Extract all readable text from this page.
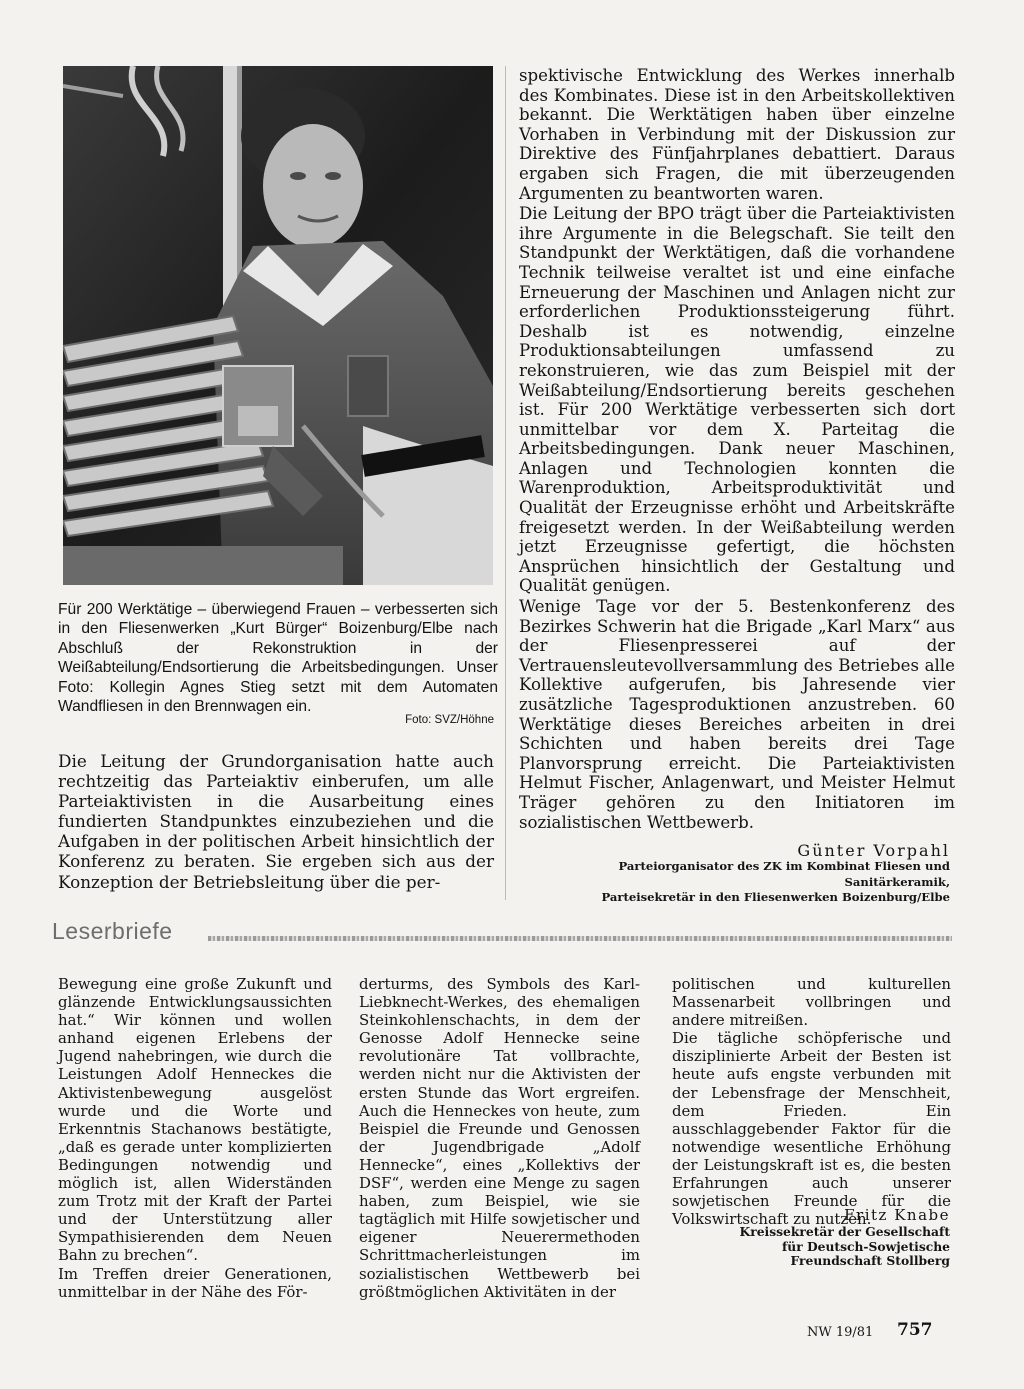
Für 200 Werktätige – überwiegend Frauen – verbesserten sich in den Fliesenwerken „Kurt Bürger“ Boizenburg/Elbe nach Abschluß der Rekonstruktion in der Weißabteilung/Endsortierung die Arbeitsbedingungen. Unser Foto: Kollegin Agnes Stieg setzt mit dem Automaten Wandfliesen in den Brennwagen ein.

Foto: SVZ/Höhne

Die Leitung der Grundorganisation hatte auch rechtzeitig das Parteiaktiv einberufen, um alle Parteiaktivisten in die Ausarbeitung eines fundierten Standpunktes einzubeziehen und die Aufgaben in der politischen Arbeit hinsichtlich der Konferenz zu beraten. Sie ergeben sich aus der Konzeption der Betriebsleitung über die per-

spektivische Entwicklung des Werkes innerhalb des Kombinates. Diese ist in den Arbeitskollektiven bekannt. Die Werktätigen haben über einzelne Vorhaben in Verbindung mit der Diskussion zur Direktive des Fünfjahrplanes debattiert. Daraus ergaben sich Fragen, die mit überzeugenden Argumenten zu beantworten waren.

Die Leitung der BPO trägt über die Parteiaktivisten ihre Argumente in die Belegschaft. Sie teilt den Standpunkt der Werktätigen, daß die vorhandene Technik teilweise veraltet ist und eine einfache Erneuerung der Maschinen und Anlagen nicht zur erforderlichen Produktionssteigerung führt. Deshalb ist es notwendig, einzelne Produktionsabteilungen umfassend zu rekonstruieren, wie das zum Beispiel mit der Weißabteilung/Endsortierung bereits geschehen ist. Für 200 Werktätige verbesserten sich dort unmittelbar vor dem X. Parteitag die Arbeitsbedingungen. Dank neuer Maschinen, Anlagen und Technologien konnten die Warenproduktion, Arbeitsproduktivität und Qualität der Erzeugnisse erhöht und Arbeitskräfte freigesetzt werden. In der Weißabteilung werden jetzt Erzeugnisse gefertigt, die höchsten Ansprüchen hinsichtlich der Gestaltung und Qualität genügen.

Wenige Tage vor der 5. Bestenkonferenz des Bezirkes Schwerin hat die Brigade „Karl Marx“ aus der Fliesenpresserei auf der Vertrauensleutevollversammlung des Betriebes alle Kollektive aufgerufen, bis Jahresende vier zusätzliche Tagesproduktionen anzustreben. 60 Werktätige dieses Bereiches arbeiten in drei Schichten und haben bereits drei Tage Planvorsprung erreicht. Die Parteiaktivisten Helmut Fischer, Anlagenwart, und Meister Helmut Träger gehören zu den Initiatoren im sozialistischen Wettbewerb.

Günter Vorpahl
Parteiorganisator des ZK im Kombinat Fliesen und Sanitärkeramik,
Parteisekretär in den Fliesenwerken Boizenburg/Elbe
Leserbriefe

Bewegung eine große Zukunft und glänzende Entwicklungsaussichten hat.“ Wir können und wollen anhand eigenen Erlebens der Jugend nahebringen, wie durch die Leistungen Adolf Henneckes die Aktivistenbewegung ausgelöst wurde und die Worte und Erkenntnis Stachanows bestätigte, „daß es gerade unter komplizierten Bedingungen notwendig und möglich ist, allen Widerständen zum Trotz mit der Kraft der Partei und der Unterstützung aller Sympathisierenden dem Neuen Bahn zu brechen“.

Im Treffen dreier Generationen, unmittelbar in der Nähe des För-

derturms, des Symbols des Karl-Liebknecht-Werkes, des ehemaligen Steinkohlenschachts, in dem der Genosse Adolf Hennecke seine revolutionäre Tat vollbrachte, werden nicht nur die Aktivisten der ersten Stunde das Wort ergreifen. Auch die Henneckes von heute, zum Beispiel die Freunde und Genossen der Jugendbrigade „Adolf Hennecke“, eines „Kollektivs der DSF“, werden eine Menge zu sagen haben, zum Beispiel, wie sie tagtäglich mit Hilfe sowjetischer und eigener Neuerermethoden Schrittmacherleistungen im sozialistischen Wettbewerb bei größtmöglichen Aktivitäten in der

politischen und kulturellen Massenarbeit vollbringen und andere mitreißen.

Die tägliche schöpferische und disziplinierte Arbeit der Besten ist heute aufs engste verbunden mit der Lebensfrage der Menschheit, dem Frieden. Ein ausschlaggebender Faktor für die notwendige wesentliche Erhöhung der Leistungskraft ist es, die besten Erfahrungen auch unserer sowjetischen Freunde für die Volkswirtschaft zu nutzen.

Fritz Knabe
Kreissekretär der Gesellschaft
für Deutsch-Sowjetische
Freundschaft Stollberg
NW 19/81 757
